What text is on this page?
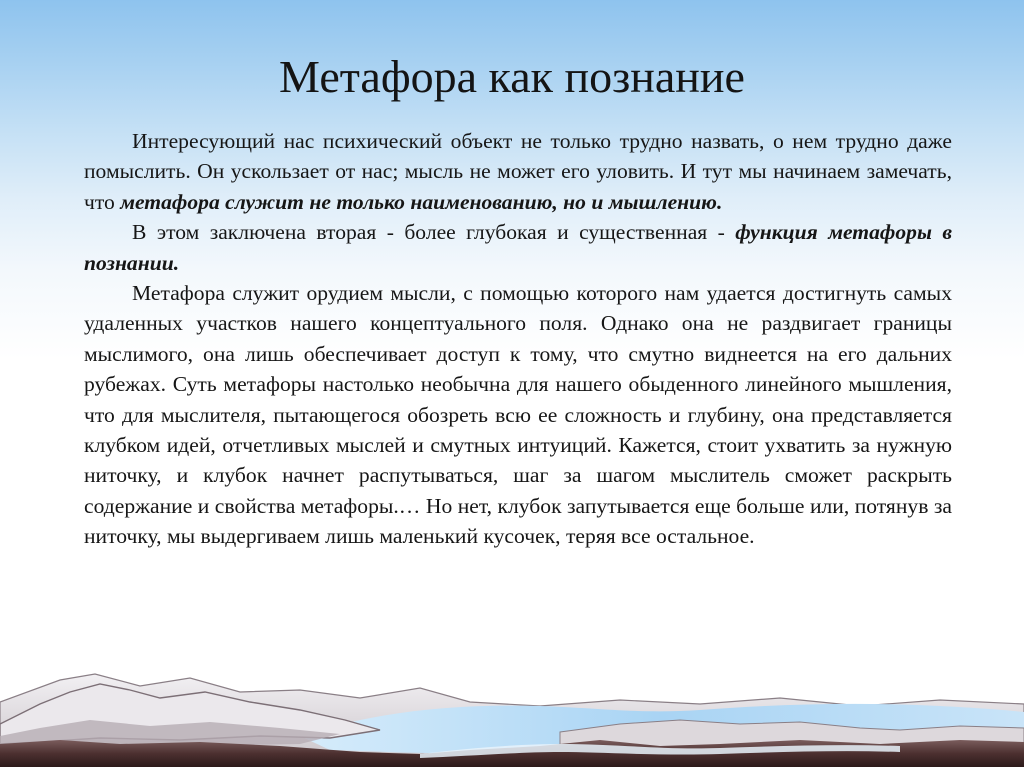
Метафора как познание

Интересующий нас психический объект не только трудно назвать, о нем трудно даже помыслить. Он ускользает от нас; мысль не может его уловить. И тут мы начинаем замечать, что метафора служит не только наименованию, но и мышлению.

В этом заключена вторая - более глубокая и существенная - функция метафоры в познании.

Метафора служит орудием мысли, с помощью которого нам удается достигнуть самых удаленных участков нашего концептуального поля. Однако она не раздвигает границы мыслимого, она лишь обеспечивает доступ к тому, что смутно виднеется на его дальних рубежах. Суть метафоры настолько необычна для нашего обыденного линейного мышления, что для мыслителя, пытающегося обозреть всю ее сложность и глубину, она представляется клубком идей, отчетливых мыслей и смутных интуиций. Кажется, стоит ухватить за нужную ниточку, и клубок начнет распутываться, шаг за шагом мыслитель сможет раскрыть содержание и свойства метафоры.… Но нет, клубок запутывается еще больше или, потянув за ниточку, мы выдергиваем лишь маленький кусочек, теряя все остальное.
